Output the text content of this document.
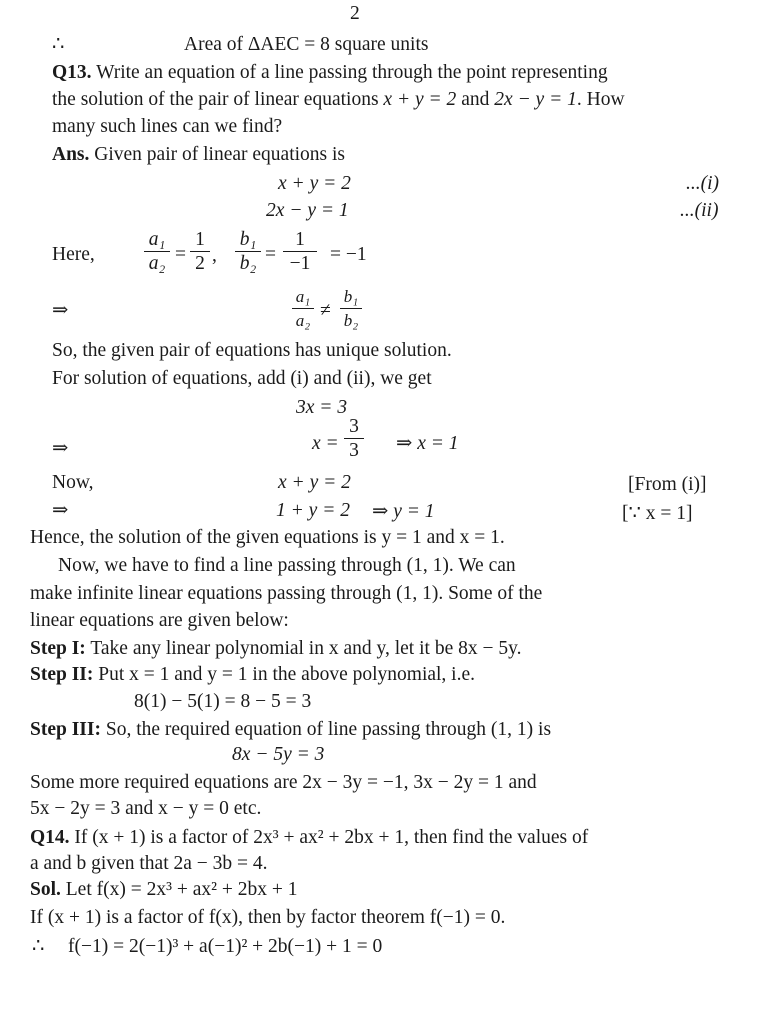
2
∴	Area of ΔAEC = 8 square units
Q13. Write an equation of a line passing through the point representing
the solution of the pair of linear equations x + y = 2 and 2x − y = 1. How
many such lines can we find?
Ans. Given pair of linear equations is
x + y = 2	...(i)
2x − y = 1	...(ii)
Here,
a₁
a₂ =
1
2 ,
b₁
b₂ =
1
−1	= −1
⇒
a₁
a₂ ≠
b₁
b₂
So, the given pair of equations has unique solution.
For solution of equations, add (i) and (ii), we get
3x = 3
⇒	x =
3
3 ⇒ x = 1
Now,	x + y = 2	[From (i)]
⇒	1 + y = 2 ⇒ y = 1	[∵ x = 1]
Hence, the solution of the given equations is y = 1 and x = 1.
Now, we have to find a line passing through (1, 1). We can
make infinite linear equations passing through (1, 1). Some of the
linear equations are given below:
Step I: Take any linear polynomial in x and y, let it be 8x − 5y.
Step II: Put x = 1 and y = 1 in the above polynomial, i.e.
8(1) − 5(1) = 8 − 5 = 3
Step III: So, the required equation of line passing through (1, 1) is
8x − 5y = 3
Some more required equations are 2x − 3y = −1, 3x − 2y = 1 and
5x − 2y = 3 and x − y = 0 etc.
Q14. If (x + 1) is a factor of 2x³ + ax² + 2bx + 1, then find the values of
a and b given that 2a − 3b = 4.
Sol. Let f(x) = 2x³ + ax² + 2bx + 1
If (x + 1) is a factor of f(x), then by factor theorem f(−1) = 0.
∴ f(−1) = 2(−1)³ + a(−1)² + 2b(−1) + 1 = 0
